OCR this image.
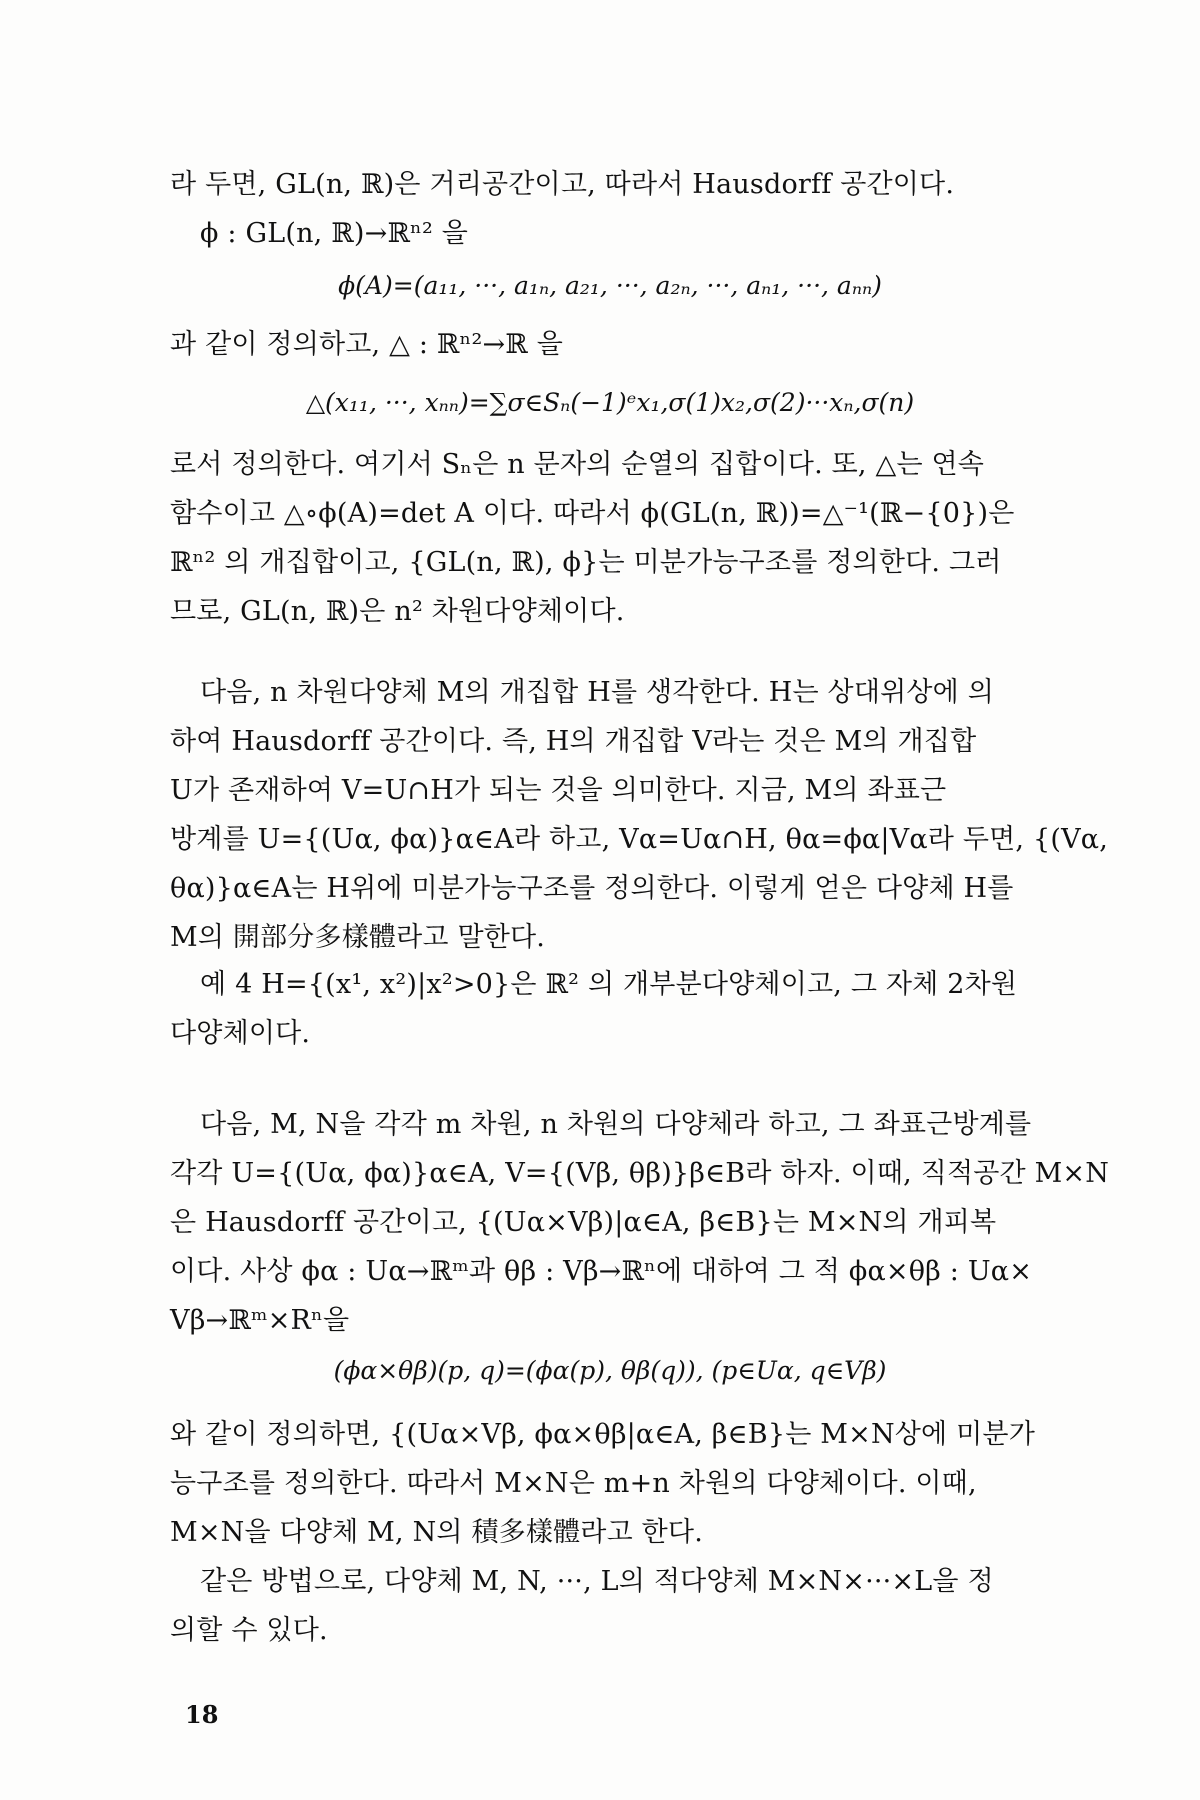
라 두면, GL(n, ℝ)은 거리공간이고, 따라서 Hausdorff 공간이다.

ϕ : GL(n, ℝ)→ℝⁿ² 을

ϕ(A)=(a₁₁, ···, a₁ₙ, a₂₁, ···, a₂ₙ, ···, aₙ₁, ···, aₙₙ)

과 같이 정의하고, △ : ℝⁿ²→ℝ 을

△(x₁₁, ···, xₙₙ)=∑σ∈Sₙ(−1)ᵉx₁,σ(1)x₂,σ(2)···xₙ,σ(n)

로서 정의한다. 여기서 Sₙ은 n 문자의 순열의 집합이다. 또, △는 연속

함수이고 △∘ϕ(A)=det A 이다. 따라서 ϕ(GL(n, ℝ))=△⁻¹(ℝ−{0})은

ℝⁿ² 의 개집합이고, {GL(n, ℝ), ϕ}는 미분가능구조를 정의한다. 그러

므로, GL(n, ℝ)은 n² 차원다양체이다.

다음, n 차원다양체 M의 개집합 H를 생각한다. H는 상대위상에 의

하여 Hausdorff 공간이다. 즉, H의 개집합 V라는 것은 M의 개집합

U가 존재하여 V=U∩H가 되는 것을 의미한다. 지금, M의 좌표근

방계를 U={(Uα, ϕα)}α∈A라 하고, Vα=Uα∩H, θα=ϕα|Vα라 두면, {(Vα,

θα)}α∈A는 H위에 미분가능구조를 정의한다. 이렇게 얻은 다양체 H를

M의 開部分多樣體라고 말한다.

예 4 H={(x¹, x²)|x²>0}은 ℝ² 의 개부분다양체이고, 그 자체 2차원

다양체이다.

다음, M, N을 각각 m 차원, n 차원의 다양체라 하고, 그 좌표근방계를

각각 U={(Uα, ϕα)}α∈A, V={(Vβ, θβ)}β∈B라 하자. 이때, 직적공간 M×N

은 Hausdorff 공간이고, {(Uα×Vβ)|α∈A, β∈B}는 M×N의 개피복

이다. 사상 ϕα : Uα→ℝᵐ과 θβ : Vβ→ℝⁿ에 대하여 그 적 ϕα×θβ : Uα×

Vβ→ℝᵐ×Rⁿ을

(ϕα×θβ)(p, q)=(ϕα(p), θβ(q)), (p∈Uα, q∈Vβ)

와 같이 정의하면, {(Uα×Vβ, ϕα×θβ|α∈A, β∈B}는 M×N상에 미분가

능구조를 정의한다. 따라서 M×N은 m+n 차원의 다양체이다. 이때,

M×N을 다양체 M, N의 積多樣體라고 한다.

같은 방법으로, 다양체 M, N, ···, L의 적다양체 M×N×···×L을 정

의할 수 있다.

18
